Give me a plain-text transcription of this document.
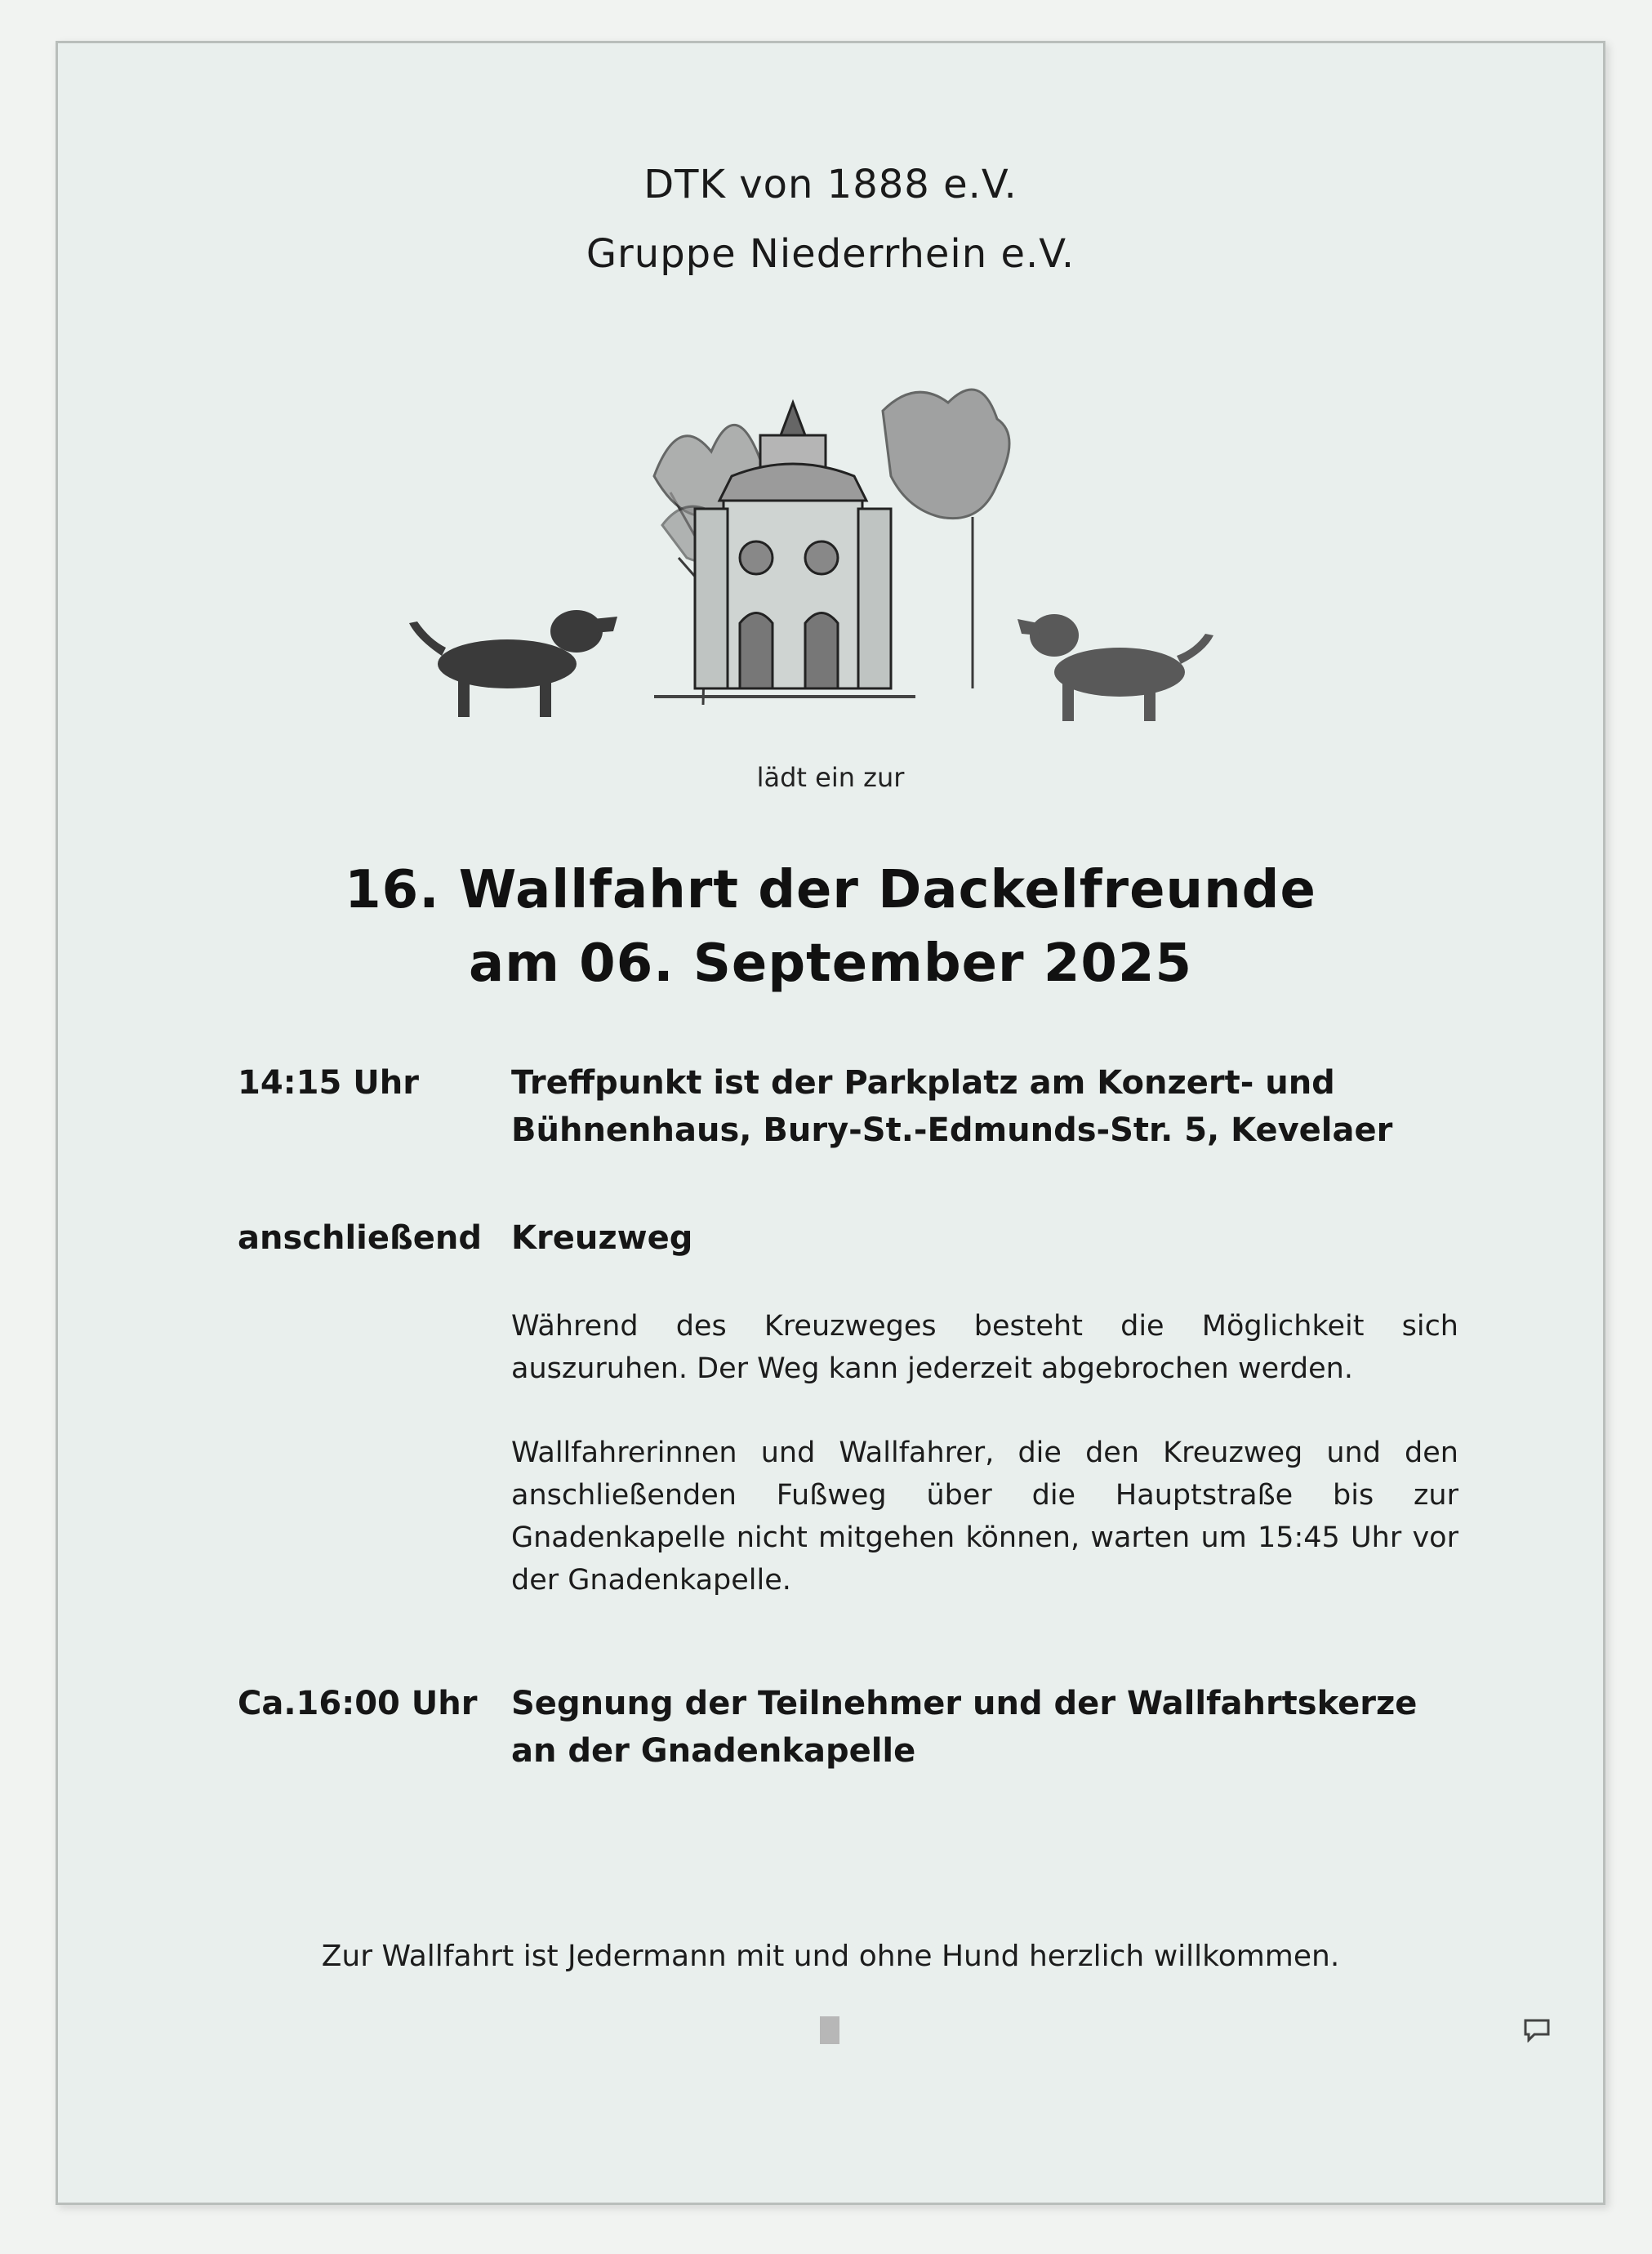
DTK von 1888 e.V.
Gruppe Niederrhein e.V.
lädt ein zur
16. Wallfahrt der Dackelfreunde
am 06. September 2025
14:15 Uhr	Treffpunkt ist der Parkplatz am Konzert- und
Bühnenhaus, Bury-St.-Edmunds-Str. 5, Kevelaer
anschließend Kreuzweg
Während des Kreuzweges besteht die Möglichkeit sich auszuruhen. Der Weg kann jederzeit abgebrochen werden.
Wallfahrerinnen und Wallfahrer, die den Kreuzweg und den anschließenden Fußweg über die Hauptstraße bis zur Gnadenkapelle nicht mitgehen können, warten um 15:45 Uhr vor der Gnadenkapelle.
Ca.16:00 Uhr Segnung der Teilnehmer und der Wallfahrtskerze
an der Gnadenkapelle
Zur Wallfahrt ist Jedermann mit und ohne Hund herzlich willkommen.
